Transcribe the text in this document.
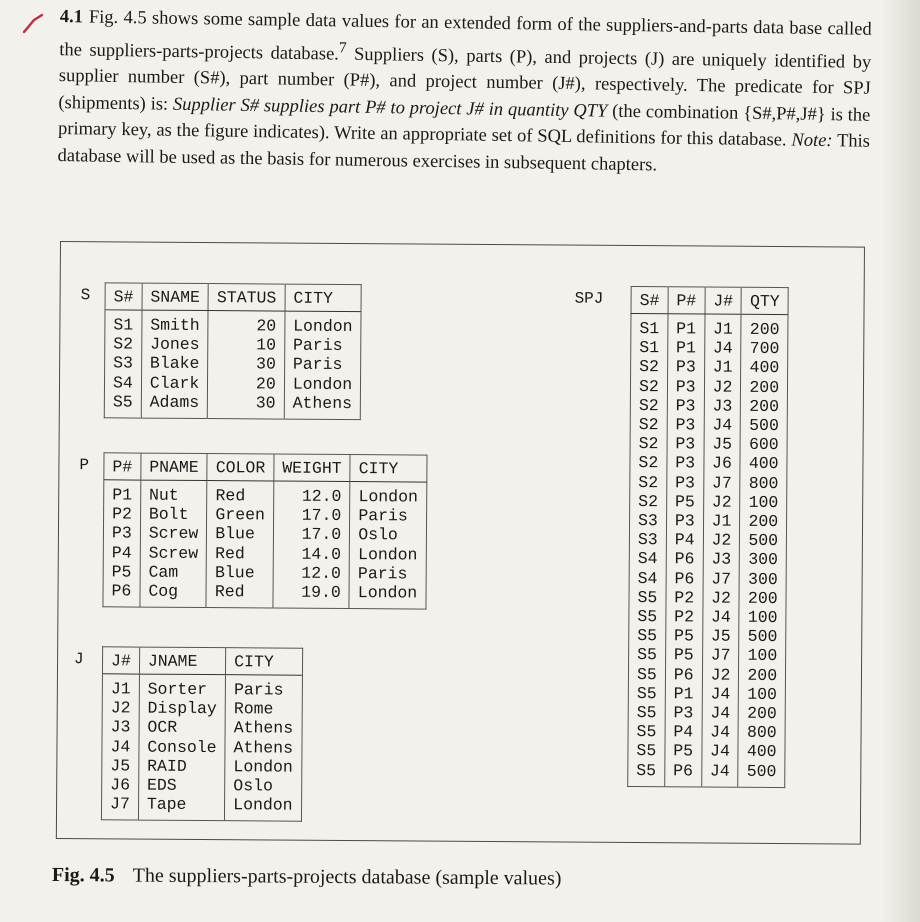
4.1 Fig. 4.5 shows some sample data values for an extended form of the suppliers-and-parts data base called the suppliers-parts-projects database.$^7$ Suppliers (S), parts (P), and projects (J) are uniquely identified by supplier number (S#), part number (P#), and project number (J#), respectively. The predicate for SPJ (shipments) is: Supplier S# supplies part P# to project J# in quantity QTY (the combination {S#,P#,J#} is the primary key, as the figure indicates). Write an appropriate set of SQL definitions for this database. Note: This database will be used as the basis for numerous exercises in subsequent chapters.

S S#	SNAME	STATUS	CITY
S1	Smith	20	London
S2	Jones	10	Paris
S3	Blake	30	Paris
S4	Clark	20	London
S5	Adams	30	Athens
P P#	PNAME	COLOR	WEIGHT	CITY
P1	Nut	Red	12.0	London
P2	Bolt	Green	17.0	Paris
P3	Screw	Blue	17.0	Oslo
P4	Screw	Red	14.0	London
P5	Cam	Blue	12.0	Paris
P6	Cog	Red	19.0	London
J J#	JNAME	CITY
J1	Sorter	Paris
J2	Display	Rome
J3	OCR	Athens
J4	Console	Athens
J5	RAID	London
J6	EDS	Oslo
J7	Tape	London
SPJ S#	P#	J#	QTY
S1	P1	J1	200
S1	P1	J4	700
S2	P3	J1	400
S2	P3	J2	200
S2	P3	J3	200
S2	P3	J4	500
S2	P3	J5	600
S2	P3	J6	400
S2	P3	J7	800
S2	P5	J2	100
S3	P3	J1	200
S3	P4	J2	500
S4	P6	J3	300
S4	P6	J7	300
S5	P2	J2	200
S5	P2	J4	100
S5	P5	J5	500
S5	P5	J7	100
S5	P6	J2	200
S5	P1	J4	100
S5	P3	J4	200
S5	P4	J4	800
S5	P5	J4	400
S5	P6	J4	500
Fig. 4.5 The suppliers-parts-projects database (sample values)
